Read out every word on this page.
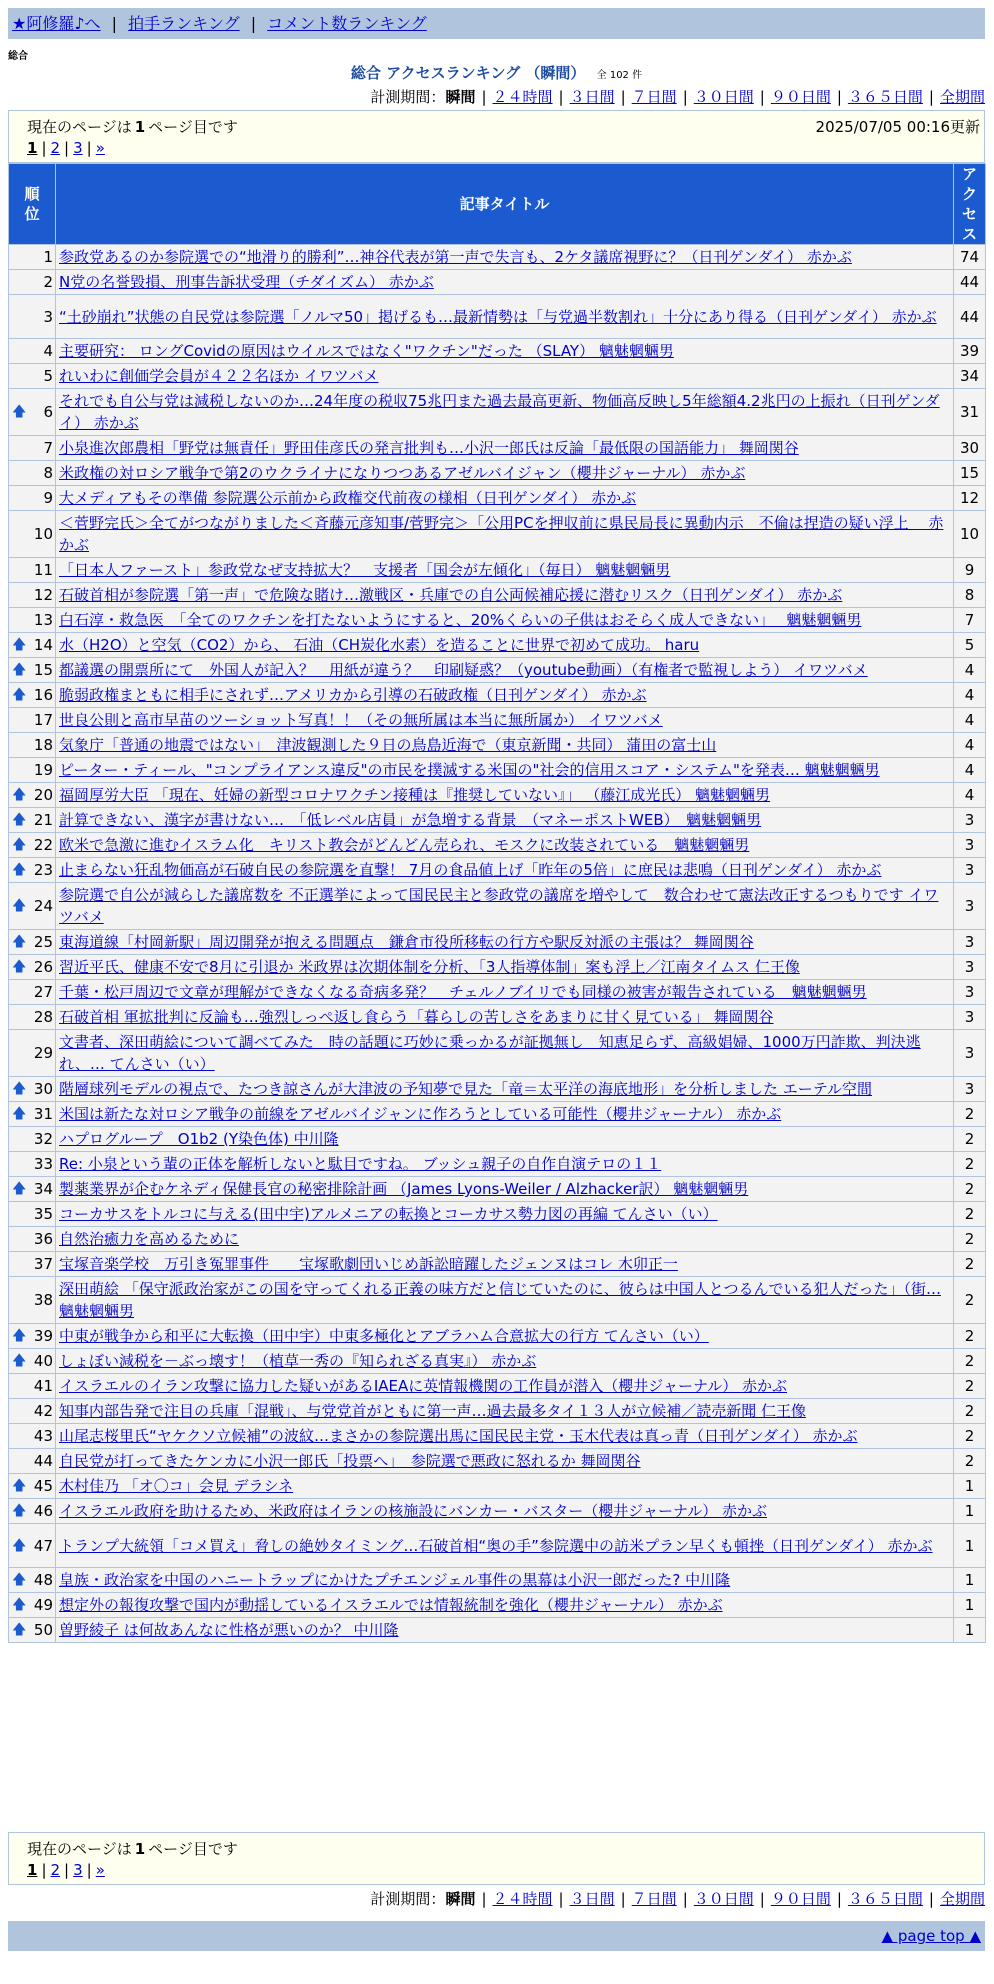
★阿修羅♪へ | 拍手ランキング | コメント数ランキング
総合
総合 アクセスランキング （瞬間） 全 102 件
計測期間：瞬間 | ２４時間 | ３日間 | ７日間 | ３０日間 | ９０日間 | ３６５日間 | 全期間
現在のページは 1 ページ目です	2025/07/05 00:16更新
1 | 2 | 3 | »
順位	記事タイトル	アクセス
1	参政党あるのか参院選での“地滑り的勝利”…神谷代表が第一声で失言も、2ケタ議席視野に？（日刊ゲンダイ） 赤かぶ	74
2	N党の名誉毀損、刑事告訴状受理（チダイズム） 赤かぶ	44
3	“土砂崩れ”状態の自民党は参院選「ノルマ50」掲げるも…最新情勢は「与党過半数割れ」十分にあり得る（日刊ゲンダイ） 赤かぶ	44
4	主要研究： ロングCovidの原因はウイルスではなく"ワクチン"だった （SLAY） 魑魅魍魎男	39
5	れいわに創価学会員が４２２名ほか イワツバメ	34

🡅 6	それでも自公与党は減税しないのか…24年度の税収75兆円また過去最高更新、物価高反映し5年総額4.2兆円の上振れ（日刊ゲンダイ） 赤かぶ	31
7	小泉進次郎農相「野党は無責任」野田佳彦氏の発言批判も…小沢一郎氏は反論「最低限の国語能力」 舞岡関谷	30
8	米政権の対ロシア戦争で第2のウクライナになりつつあるアゼルバイジャン（櫻井ジャーナル） 赤かぶ	15
9	大メディアもその準備 参院選公示前から政権交代前夜の様相（日刊ゲンダイ） 赤かぶ	12
10	＜菅野完氏＞全てがつながりました＜斉藤元彦知事/菅野完＞「公用PCを押収前に県民局長に異動内示　不倫は捏造の疑い浮上　 赤かぶ	10
11	「日本人ファースト」参政党なぜ支持拡大？　支援者「国会が左傾化」（毎日） 魑魅魍魎男	9
12	石破首相が参院選「第一声」で危険な賭け…激戦区・兵庫での自公両候補応援に潜むリスク（日刊ゲンダイ） 赤かぶ	8
13	白石淳・救急医　「全てのワクチンを打たないようにすると、20%くらいの子供はおそらく成人できない」　 魑魅魍魎男	7

🡅 14	水（H2O）と空気（CO2）から、 石油（CH炭化水素）を造ることに世界で初めて成功。 haru	5

🡅 15	都議選の開票所にて　外国人が記入？　用紙が違う？　印刷疑惑？（youtube動画）（有権者で監視しよう） イワツバメ	4

🡅 16	脆弱政権まともに相手にされず…アメリカから引導の石破政権（日刊ゲンダイ） 赤かぶ	4
17	世良公則と高市早苗のツーショット写真！！（その無所属は本当に無所属か） イワツバメ	4
18	気象庁「普通の地震ではない」　津波観測した９日の鳥島近海で（東京新聞・共同） 蒲田の富士山	4
19	ピーター・ティール、"コンプライアンス違反"の市民を撲滅する米国の"社会的信用スコア・システム"を発表… 魑魅魍魎男	4

🡅 20	福岡厚労大臣 「現在、妊婦の新型コロナワクチン接種は『推奨していない』」 （藤江成光氏） 魑魅魍魎男	4

🡅 21	計算できない、漢字が書けない…　「低レベル店員」が急増する背景　（マネーポストWEB）　魑魅魍魎男	3

🡅 22	欧米で急激に進むイスラム化　キリスト教会がどんどん売られ、モスクに改装されている　魑魅魍魎男	3

🡅 23	止まらない狂乱物価高が石破自民の参院選を直撃！ 7月の食品値上げ「昨年の5倍」に庶民は悲鳴（日刊ゲンダイ） 赤かぶ	3

🡅 24	参院選で自公が減らした議席数を 不正選挙によって国民民主と参政党の議席を増やして　数合わせて憲法改正するつもりです イワツバメ	3

🡅 25	東海道線「村岡新駅」周辺開発が抱える問題点　鎌倉市役所移転の行方や駅反対派の主張は？ 舞岡関谷	3

🡅 26	習近平氏、健康不安で8月に引退か 米政界は次期体制を分析、「3人指導体制」案も浮上／江南タイムス 仁王像	3
27	千葉・松戸周辺で文章が理解ができなくなる奇病多発？　チェルノブイリでも同様の被害が報告されている　魑魅魍魎男	3
28	石破首相 軍拡批判に反論も…強烈しっぺ返し食らう「暮らしの苦しさをあまりに甘く見ている」 舞岡関谷	3
29	文書者、深田萌絵について調べてみた　時の話題に巧妙に乗っかるが証拠無し　知恵足らず、高級娼婦、1000万円詐欺、判決逃れ、… てんさい（い）	3

🡅 30	階層球列モデルの視点で、たつき諒さんが大津波の予知夢で見た「竜＝太平洋の海底地形」を分析しました エーテル空間	3

🡅 31	米国は新たな対ロシア戦争の前線をアゼルバイジャンに作ろうとしている可能性（櫻井ジャーナル） 赤かぶ	2
32	ハプログループ　O1b2 (Y染色体) 中川隆	2
33	Re: 小泉という輩の正体を解析しないと駄目ですね。 ブッシュ親子の自作自演テロの１１	2

🡅 34	製薬業界が企むケネディ保健長官の秘密排除計画 （James Lyons-Weiler / Alzhacker訳） 魑魅魍魎男	2
35	コーカサスをトルコに与える(田中宇)アルメニアの転換とコーカサス勢力図の再編 てんさい（い）	2
36	自然治癒力を高めるために	2
37	宝塚音楽学校　万引き冤罪事件　　宝塚歌劇団いじめ訴訟暗躍したジェンヌはコレ 木卯正一	2
38	深田萌絵 「保守派政治家がこの国を守ってくれる正義の味方だと信じていたのに、彼らは中国人とつるんでいる犯人だった」（街… 魑魅魍魎男	2

🡅 39	中東が戦争から和平に大転換（田中宇）中東多極化とアブラハム合意拡大の行方 てんさい（い）	2

🡅 40	しょぼい減税を－ぶっ壊す！（植草一秀の『知られざる真実』） 赤かぶ	2
41	イスラエルのイラン攻撃に協力した疑いがあるIAEAに英情報機関の工作員が潜入（櫻井ジャーナル） 赤かぶ	2
42	知事内部告発で注目の兵庫「混戦」、与党党首がともに第一声…過去最多タイ１３人が立候補／読売新聞 仁王像	2
43	山尾志桜里氏“ヤケクソ立候補”の波紋…まさかの参院選出馬に国民民主党・玉木代表は真っ青（日刊ゲンダイ） 赤かぶ	2
44	自民党が打ってきたケンカに小沢一郎氏「投票へ」　参院選で悪政に怒れるか 舞岡関谷	2

🡅 45	木村佳乃 「オ〇コ」会見 デラシネ	1

🡅 46	イスラエル政府を助けるため、米政府はイランの核施設にバンカー・バスター（櫻井ジャーナル） 赤かぶ	1

🡅 47	トランプ大統領「コメ買え」脅しの絶妙タイミング…石破首相“奥の手”参院選中の訪米プラン早くも頓挫（日刊ゲンダイ） 赤かぶ	1

🡅 48	皇族・政治家を中国のハニートラップにかけたプチエンジェル事件の黒幕は小沢一郎だった? 中川隆	1

🡅 49	想定外の報復攻撃で国内が動揺しているイスラエルでは情報統制を強化（櫻井ジャーナル） 赤かぶ	1

🡅 50	曽野綾子 は何故あんなに性格が悪いのか？ 中川隆	1
計測期間：瞬間 | ２４時間 | ３日間 | ７日間 | ３０日間 | ９０日間 | ３６５日間 | 全期間
▲ page top ▲
現在のページは 1 ページ目です
1 | 2 | 3 | »
